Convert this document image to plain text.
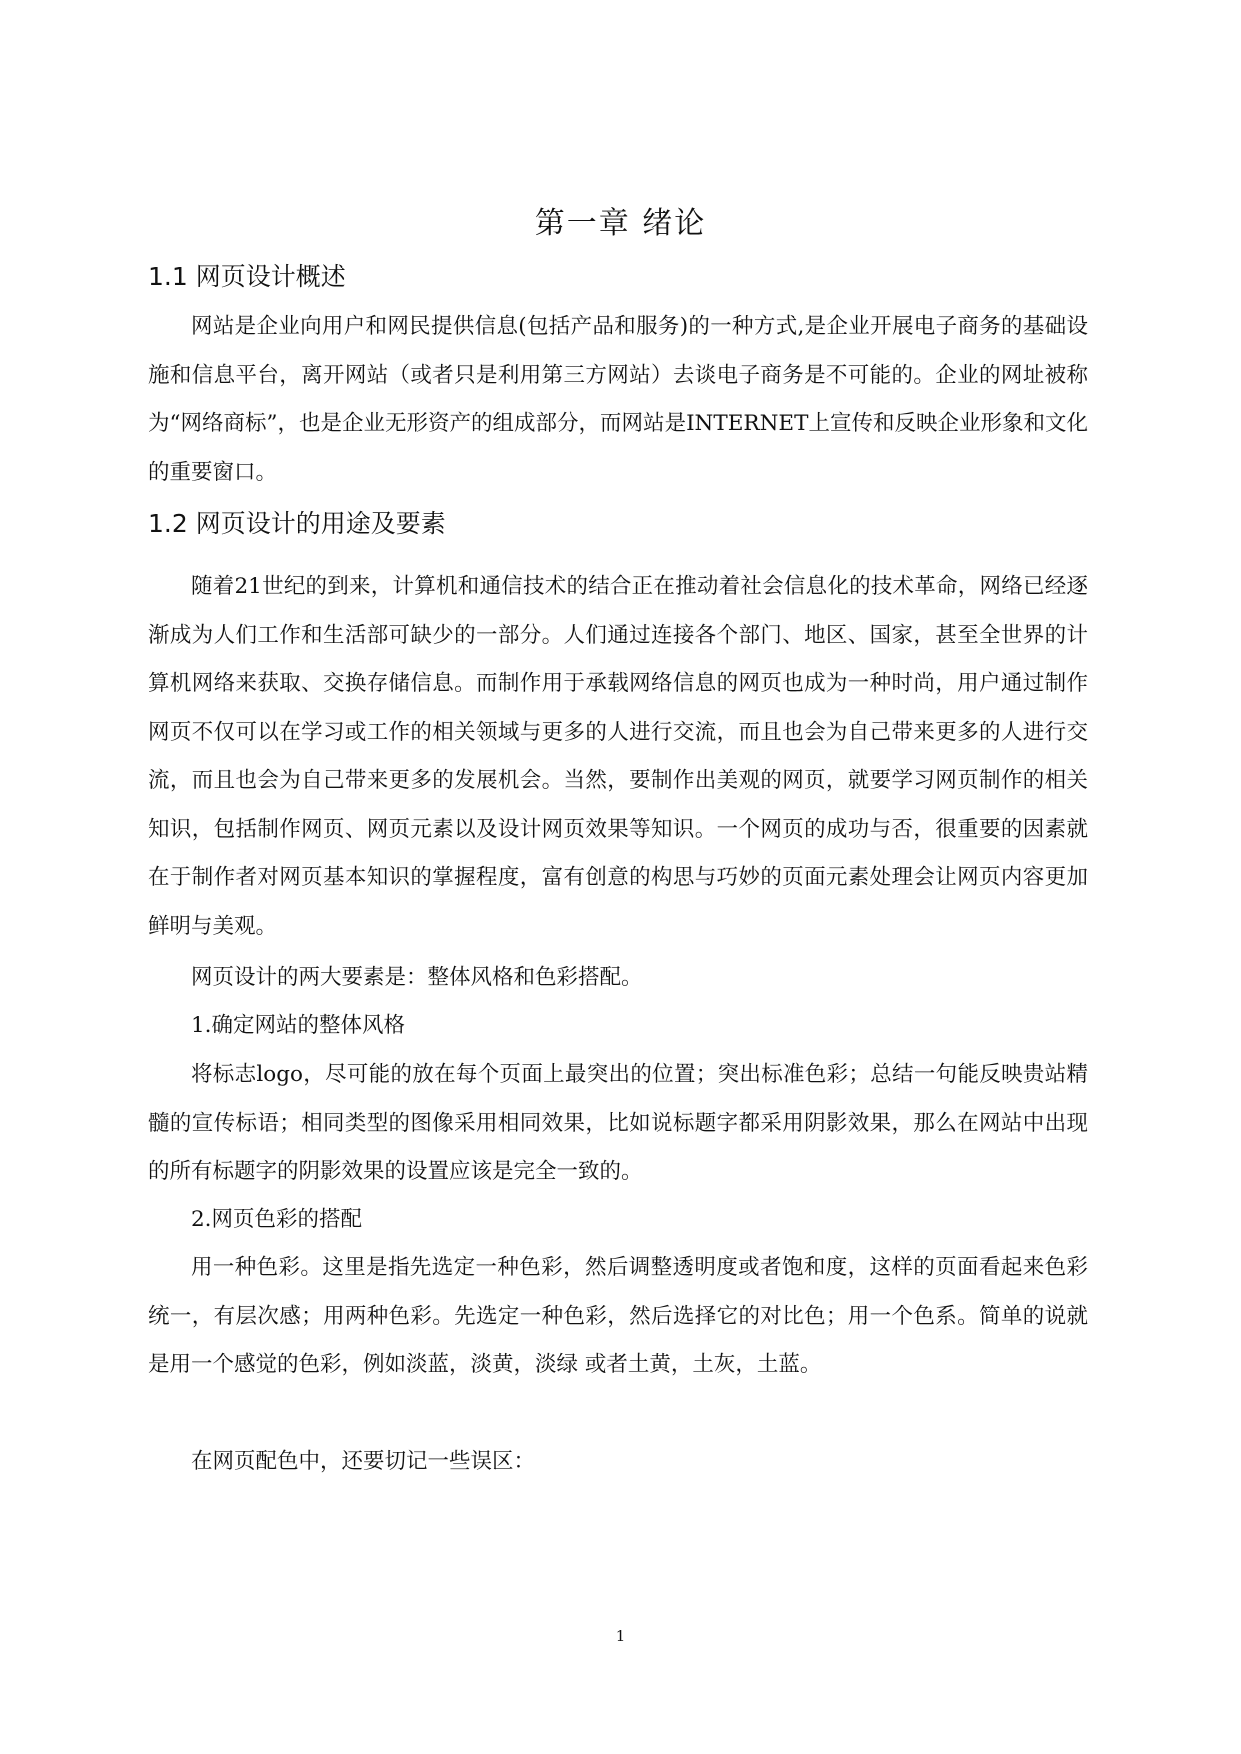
第一章 绪论
1.1 网页设计概述

网站是企业向用户和网民提供信息(包括产品和服务)的一种方式,是企业开展电子商务的基础设施和信息平台，离开网站（或者只是利用第三方网站）去谈电子商务是不可能的。企业的网址被称为“网络商标”，也是企业无形资产的组成部分，而网站是INTERNET上宣传和反映企业形象和文化的重要窗口。

1.2 网页设计的用途及要素

随着21世纪的到来，计算机和通信技术的结合正在推动着社会信息化的技术革命，网络已经逐渐成为人们工作和生活部可缺少的一部分。人们通过连接各个部门、地区、国家，甚至全世界的计算机网络来获取、交换存储信息。而制作用于承载网络信息的网页也成为一种时尚，用户通过制作网页不仅可以在学习或工作的相关领域与更多的人进行交流，而且也会为自己带来更多的人进行交流，而且也会为自己带来更多的发展机会。当然，要制作出美观的网页，就要学习网页制作的相关知识，包括制作网页、网页元素以及设计网页效果等知识。一个网页的成功与否，很重要的因素就在于制作者对网页基本知识的掌握程度，富有创意的构思与巧妙的页面元素处理会让网页内容更加鲜明与美观。

网页设计的两大要素是：整体风格和色彩搭配。

1.确定网站的整体风格

将标志logo，尽可能的放在每个页面上最突出的位置；突出标准色彩；总结一句能反映贵站精髓的宣传标语；相同类型的图像采用相同效果，比如说标题字都采用阴影效果，那么在网站中出现的所有标题字的阴影效果的设置应该是完全一致的。

2.网页色彩的搭配

用一种色彩。这里是指先选定一种色彩，然后调整透明度或者饱和度，这样的页面看起来色彩统一，有层次感；用两种色彩。先选定一种色彩，然后选择它的对比色；用一个色系。简单的说就是用一个感觉的色彩，例如淡蓝，淡黄，淡绿 或者土黄，土灰，土蓝。

在网页配色中，还要切记一些误区：

1
